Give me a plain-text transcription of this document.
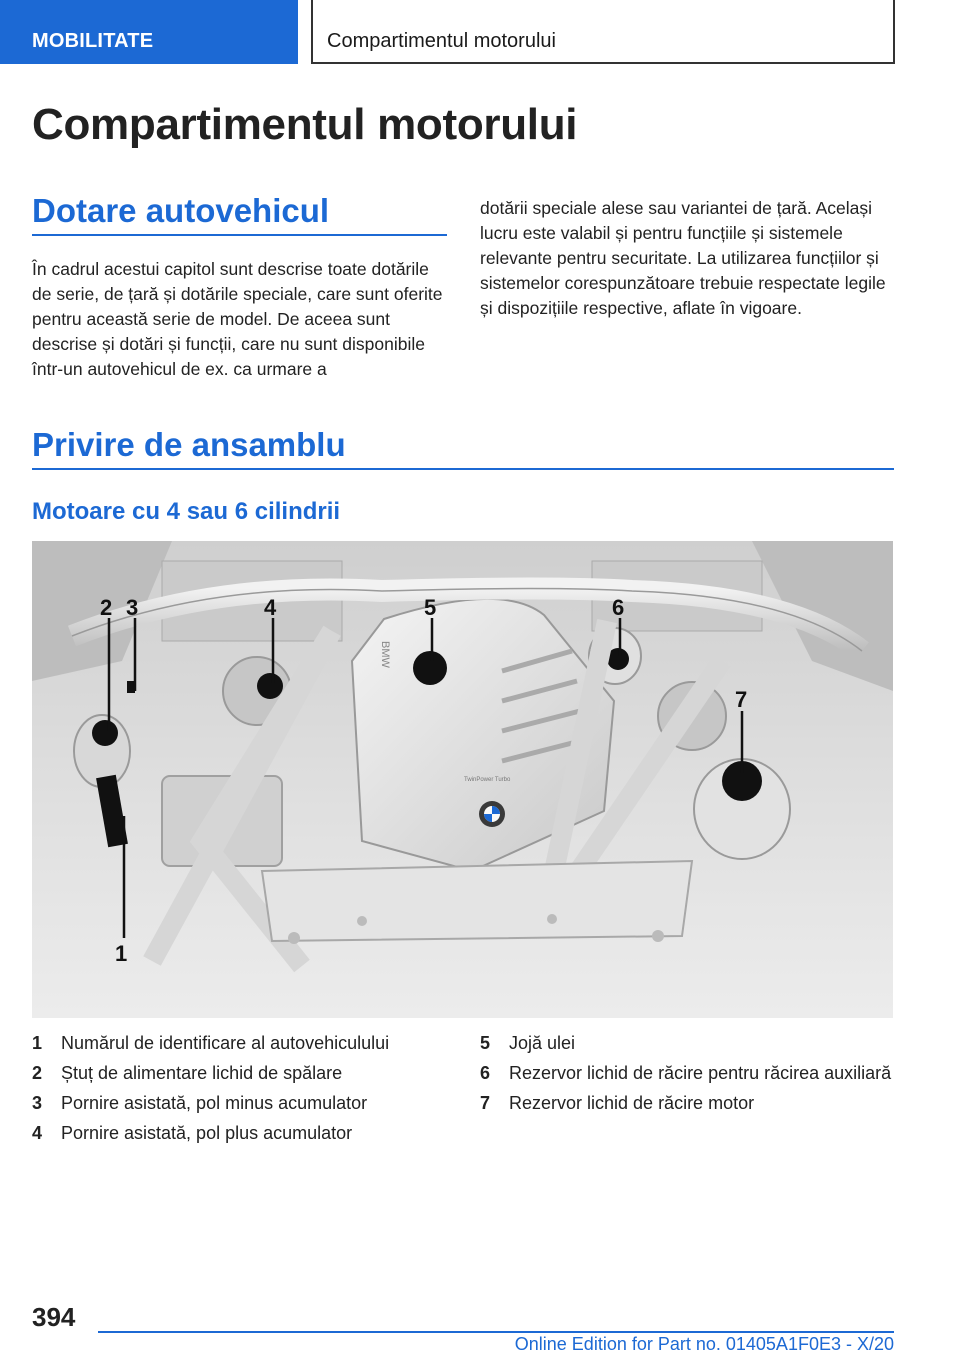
MOBILITATE	Compartimentul motorului
Compartimentul motorului
Dotare autovehicul

În cadrul acestui capitol sunt descrise toate dotările de serie, de țară și dotările speciale, care sunt oferite pentru această serie de model. De aceea sunt descrise și dotări și funcții, care nu sunt disponibile într-un autovehicul de ex. ca urmare a

dotării speciale alese sau variantei de țară. Același lucru este valabil și pentru funcțiile și sistemele relevante pentru securitate. La utilizarea funcțiilor și sistemelor corespunzătoare trebuie respectate legile și dispozițiile respective, aflate în vigoare.

Privire de ansamblu
Motoare cu 4 sau 6 cilindrii
BMW
TwinPower Turbo
2 3	4	5	6
7
1
1 Numărul de identificare al autovehiculului
2 Ștuț de alimentare lichid de spălare
3 Pornire asistată, pol minus acumulator
4 Pornire asistată, pol plus acumulator
5 Jojă ulei
6 Rezervor lichid de răcire pentru răcirea auxiliară
7 Rezervor lichid de răcire motor
394
Online Edition for Part no. 01405A1F0E3 - X/20
